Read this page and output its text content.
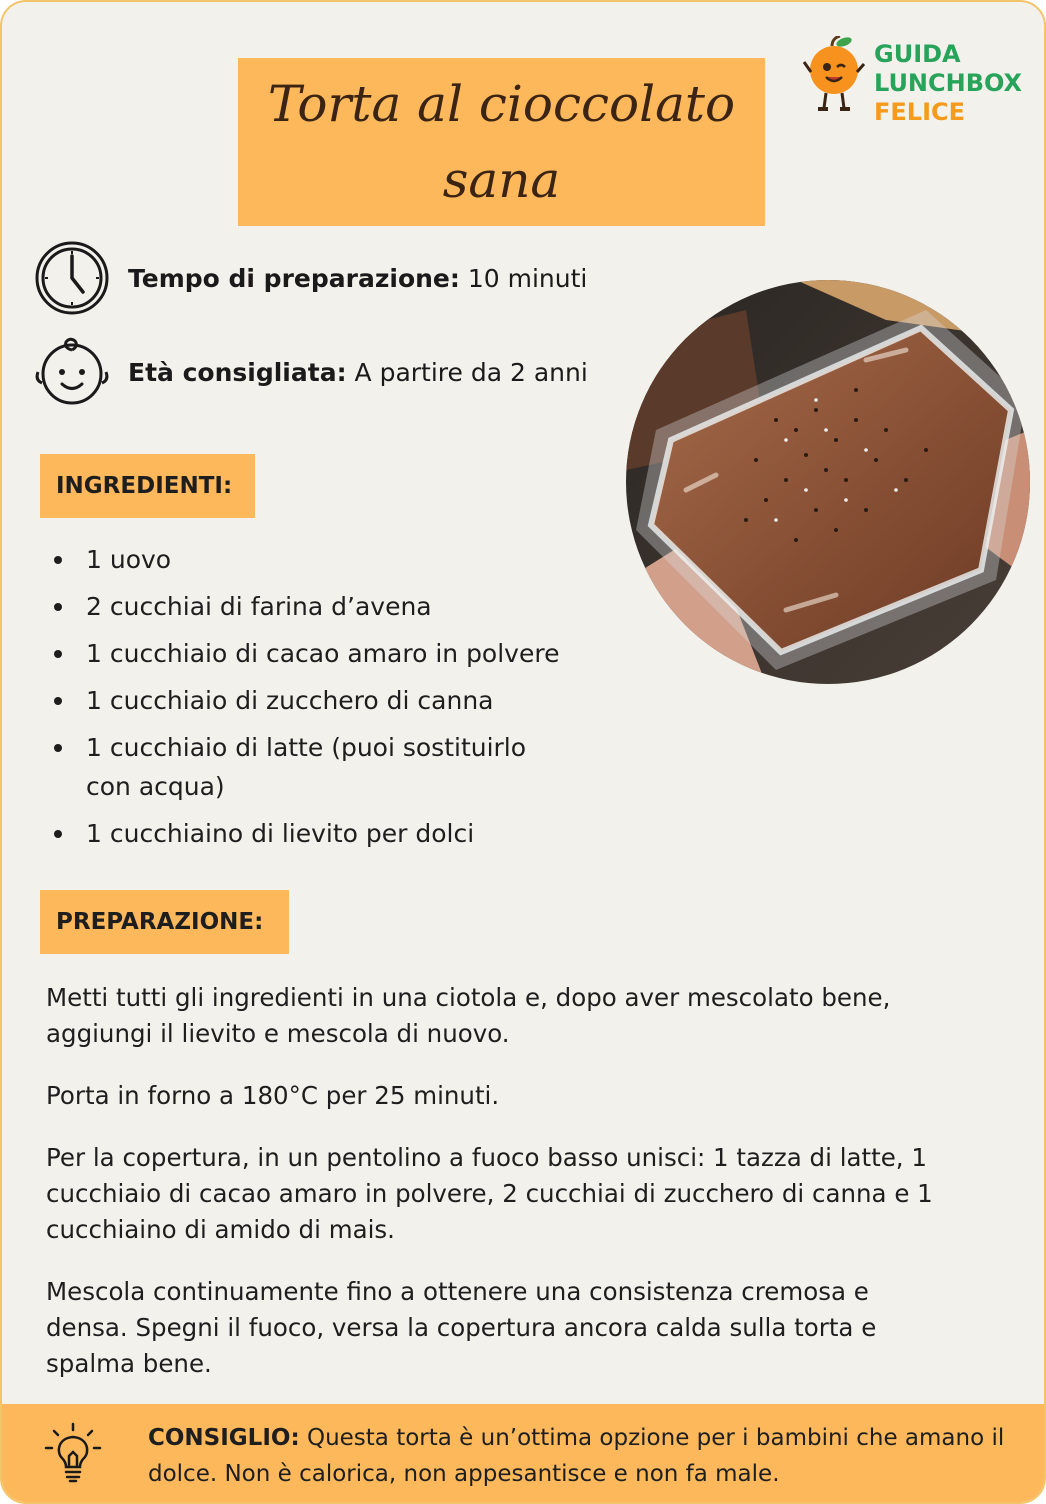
Torta al cioccolato sana
GUIDA
LUNCHBOX
FELICE
Tempo di preparazione: 10 minuti
Età consigliata: A partire da 2 anni
INGREDIENTI:
1 uovo
2 cucchiai di farina d’avena
1 cucchiaio di cacao amaro in polvere
1 cucchiaio di zucchero di canna
1 cucchiaio di latte (puoi sostituirlo con acqua)
1 cucchiaino di lievito per dolci
PREPARAZIONE:

Metti tutti gli ingredienti in una ciotola e, dopo aver mescolato bene, aggiungi il lievito e mescola di nuovo.

Porta in forno a 180°C per 25 minuti.

Per la copertura, in un pentolino a fuoco basso unisci: 1 tazza di latte, 1 cucchiaio di cacao amaro in polvere, 2 cucchiai di zucchero di canna e 1 cucchiaino di amido di mais.

Mescola continuamente fino a ottenere una consistenza cremosa e densa. Spegni il fuoco, versa la copertura ancora calda sulla torta e spalma bene.

CONSIGLIO: Questa torta è un’ottima opzione per i bambini che amano il dolce. Non è calorica, non appesantisce e non fa male.
